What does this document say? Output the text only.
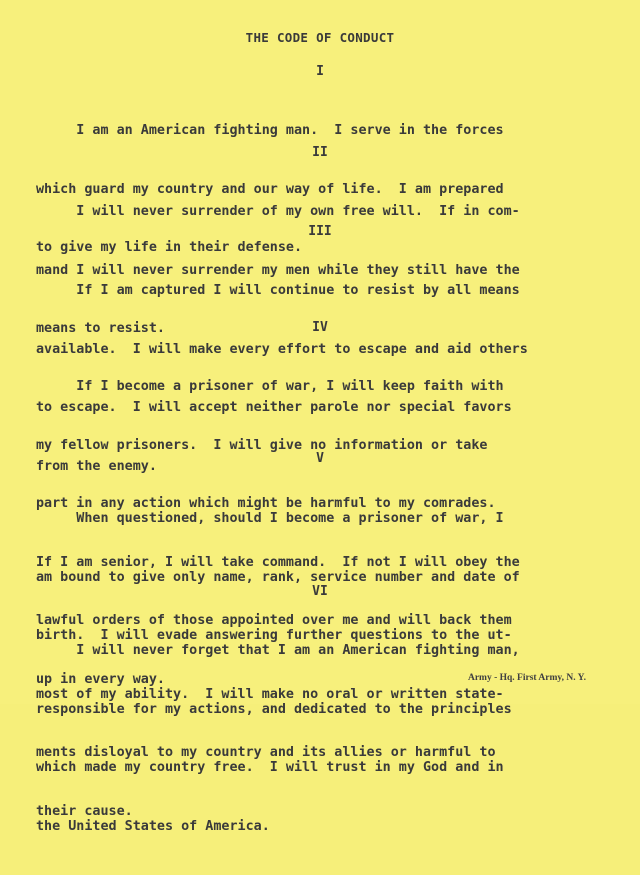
THE CODE OF CONDUCT
I

I am an American fighting man.  I serve in the forces

which guard my country and our way of life.  I am prepared

to give my life in their defense.

II

I will never surrender of my own free will.  If in com-

mand I will never surrender my men while they still have the

means to resist.

III

If I am captured I will continue to resist by all means

available.  I will make every effort to escape and aid others

to escape.  I will accept neither parole nor special favors

from the enemy.

IV

If I become a prisoner of war, I will keep faith with

my fellow prisoners.  I will give no information or take

part in any action which might be harmful to my comrades.

If I am senior, I will take command.  If not I will obey the

lawful orders of those appointed over me and will back them

up in every way.

V

When questioned, should I become a prisoner of war, I

am bound to give only name, rank, service number and date of

birth.  I will evade answering further questions to the ut-

most of my ability.  I will make no oral or written state-

ments disloyal to my country and its allies or harmful to

their cause.

VI

I will never forget that I am an American fighting man,

responsible for my actions, and dedicated to the principles

which made my country free.  I will trust in my God and in

the United States of America.

Army - Hq. First Army, N. Y.
